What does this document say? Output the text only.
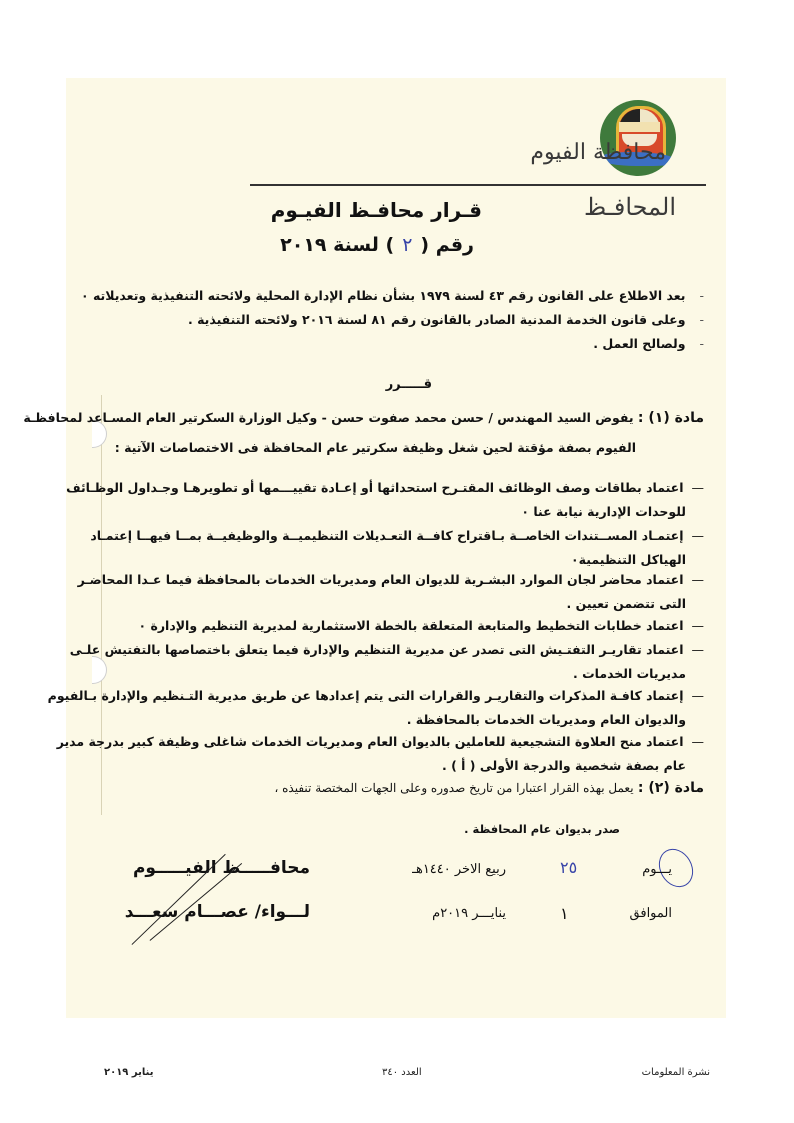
محافظة الفيوم
المحافـظ
قـرار محافـظ الفيـوم
رقم (٢) لسنة ٢٠١٩
-بعد الاطلاع على القانون رقم ٤٣ لسنة ١٩٧٩ بشأن نظام الإدارة المحلية ولائحته التنفيذية وتعديلاته ٠
-وعلى قانون الخدمة المدنية الصادر بالقانون رقم ٨١ لسنة ٢٠١٦ ولائحته التنفيذية .
-ولصالح العمل .
قـــــرر
مادة (١) : يفوض السيد المهندس / حسن محمد صفوت حسن - وكيل الوزارة السكرتير العام المسـاعد لمحافظـة
الفيوم بصفة مؤقتة لحين شغل وظيفة سكرتير عام المحافظة فى الاختصاصات الآتية :
—اعتماد بطاقات وصف الوظائف المقتـرح استحداثها أو إعـادة تقييـــمها أو تطويرهـا وجـداول الوظـائف
للوحدات الإدارية نيابة عنا ٠
—إعتمـاد المســتندات الخاصــة بـاقتراح كافــة التعـديلات التنظيميــة والوظيفيــة بمــا فيهــا إعتمـاد
الهياكل التنظيمية٠
—اعتماد محاضر لجان الموارد البشـرية للديوان العام ومديريات الخدمات بالمحافظة فيما عـدا المحاضـر
التى تتضمن تعيين .
—اعتماد خطابات التخطيط والمتابعة المتعلقة بالخطة الاستثمارية لمديرية التنظيم والإدارة ٠
—اعتماد تقاريـر التفتـيش التى تصدر عن مديرية التنظيم والإدارة فيما يتعلق باختصاصها بالتفتيش علـى
مديريات الخدمات .
—إعتماد كافـة المذكرات والتقاريـر والقرارات التى يتم إعدادها عن طريق مديرية التـنظيم والإدارة بـالفيوم
والديوان العام ومديريات الخدمات بالمحافظة .
—اعتماد منح العلاوة التشجيعية للعاملين بالديوان العام ومديريات الخدمات شاغلى وظيفة كبير بدرجة مدير
عام بصفة شخصية والدرجة الأولى ( أ ) .
مادة (٢) : يعمل بهذه القرار اعتبارا من تاريخ صدوره وعلى الجهات المختصة تنفيذه ،
صدر بديوان عام المحافظة .
يـــوم
٢٥
ربيع الاخر ١٤٤٠هـ
الموافق
١
ينايـــر ٢٠١٩م
محافـــــظ الفيـــــوم
لـــواء/ عصـــام سعـــد
نشرة المعلومات
العدد ٣٤٠
يناير ٢٠١٩
